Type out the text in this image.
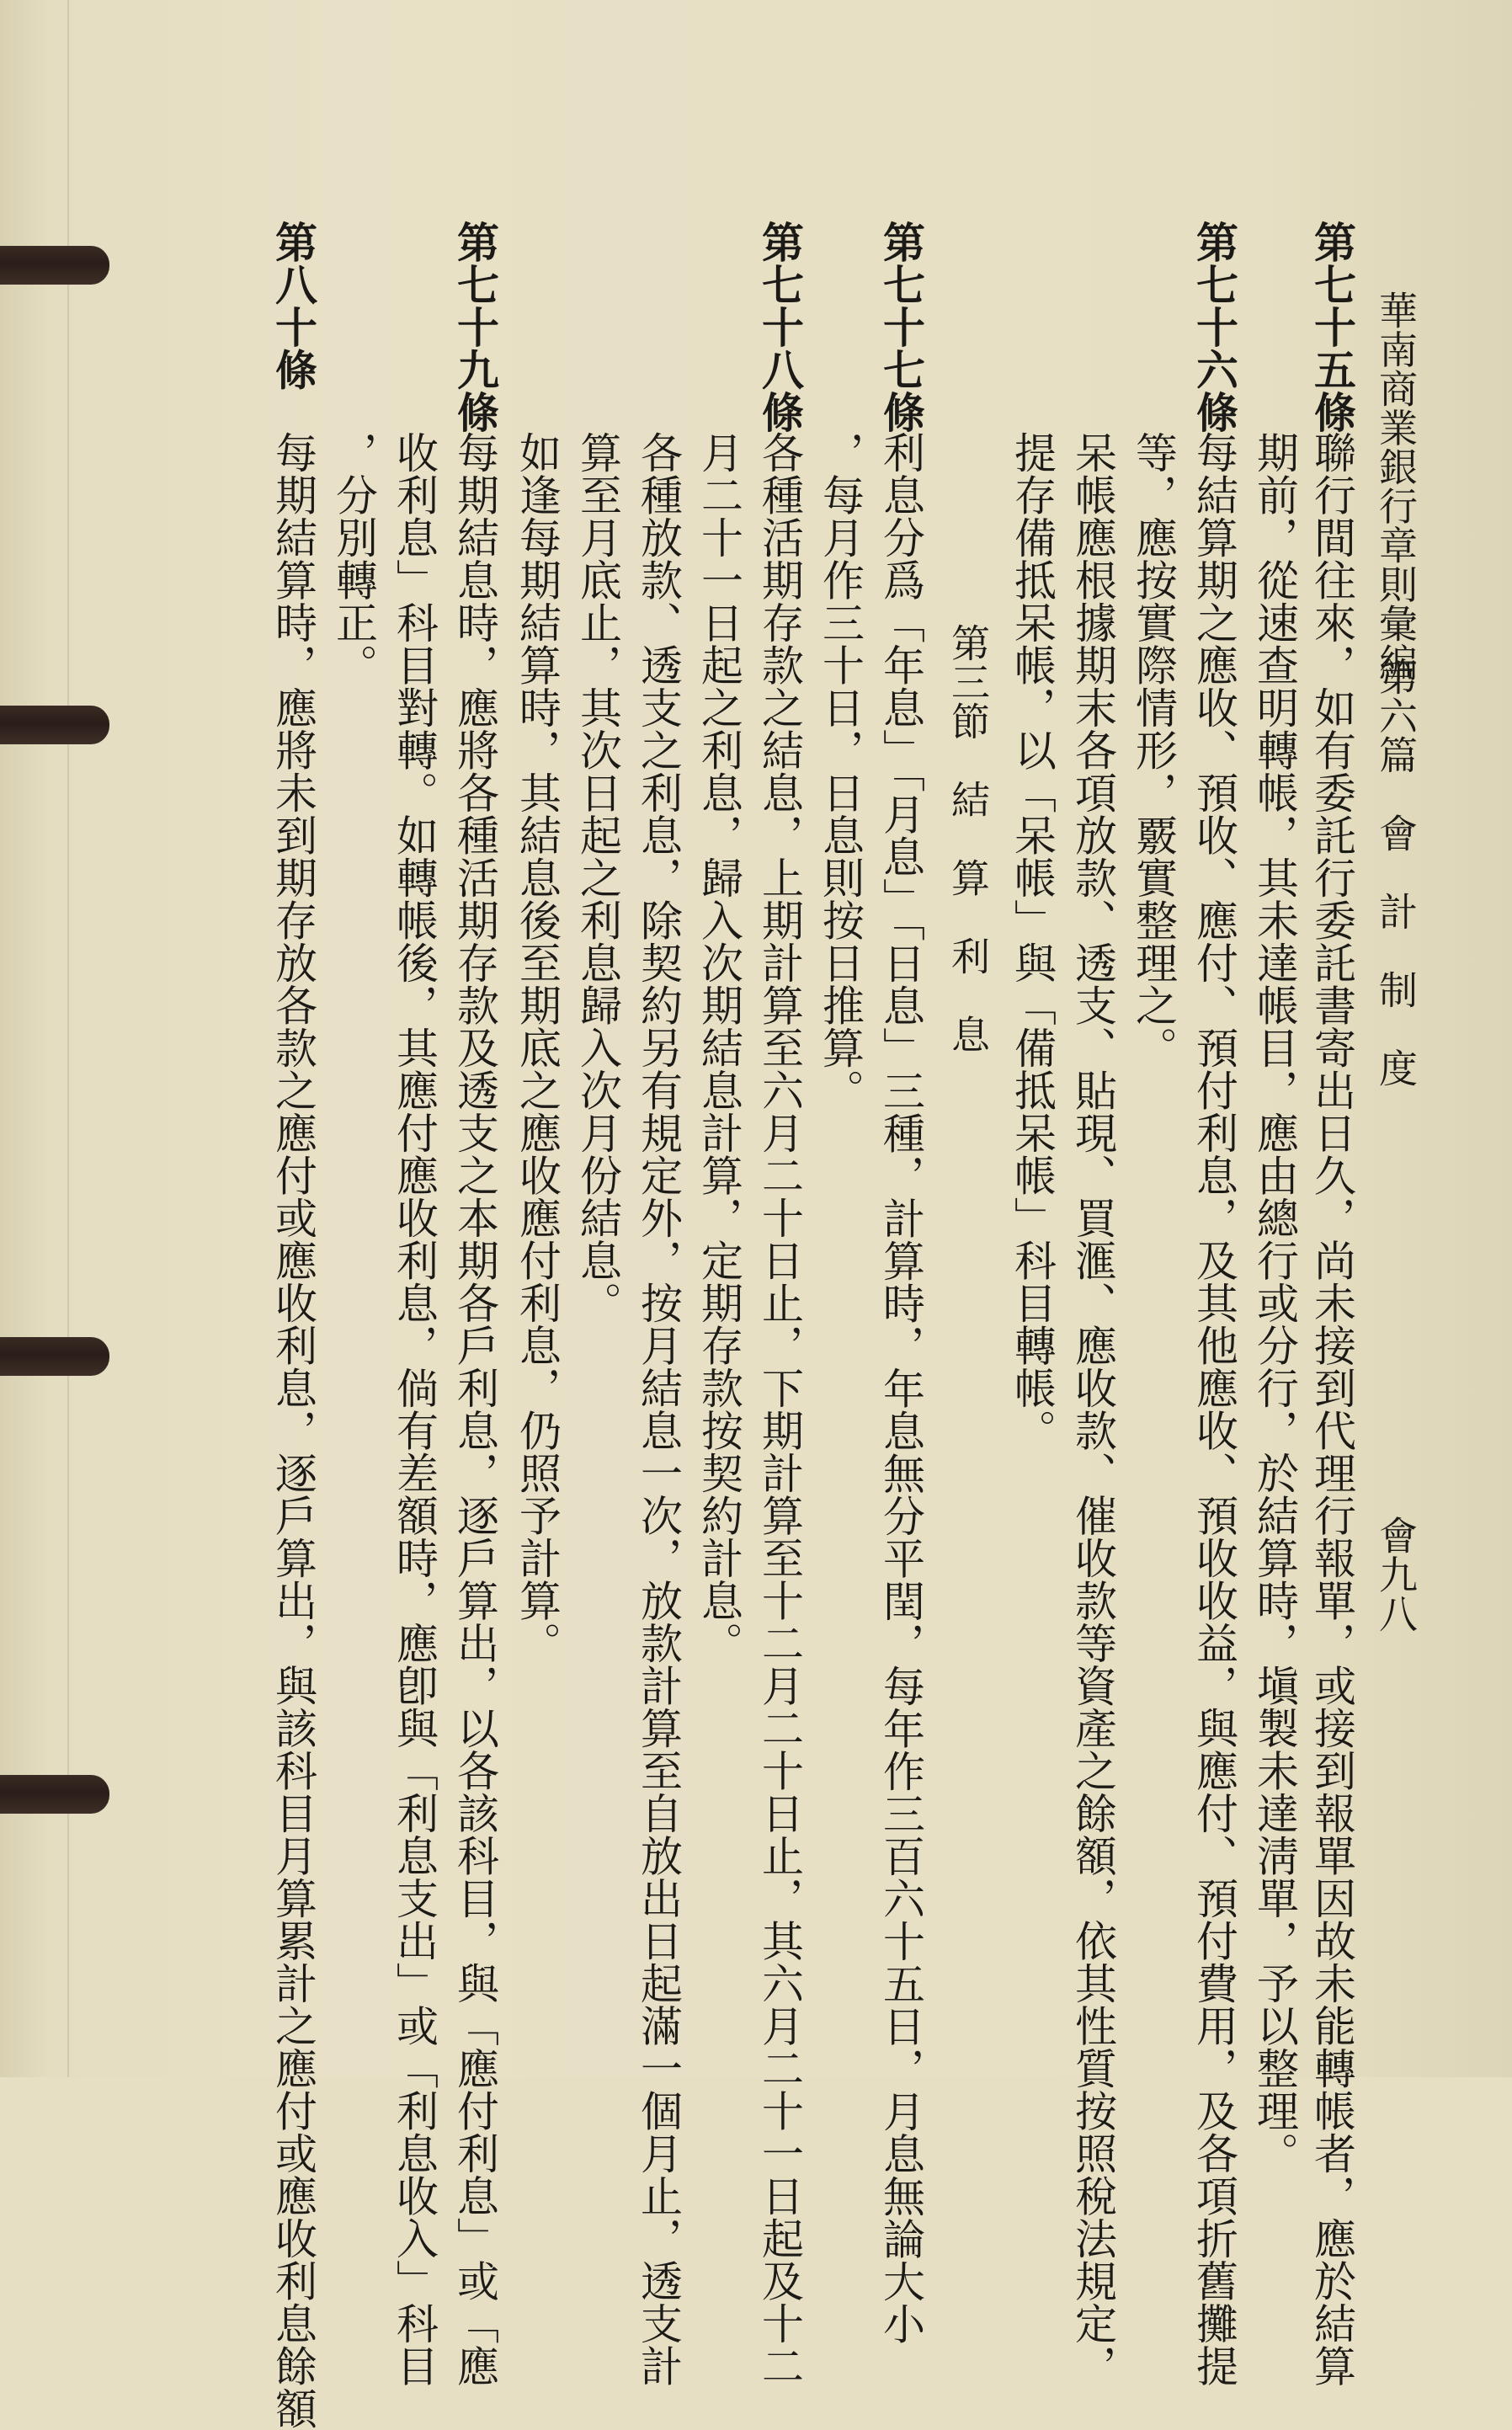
華南商業銀行章則彙編
第六篇　會　計　制　度
會九八
第七十五條
聯行間往來，如有委託行委託書寄出日久，尚未接到代理行報單，或接到報單因故未能轉帳者，應於結算
期前，從速查明轉帳，其未達帳目，應由總行或分行，於結算時，塡製未達淸單，予以整理。
第七十六條
每結算期之應收、預收、應付、預付利息，及其他應收、預收收益，與應付、預付費用，及各項折舊攤提
等，應按實際情形，覈實整理之。
呆帳應根據期末各項放款、透支、貼現、買滙、應收款、催收款等資產之餘額，依其性質按照稅法規定，
提存備抵呆帳，以「呆帳」與「備抵呆帳」科目轉帳。
第三節　結　算　利　息
第七十七條
利息分爲「年息」「月息」「日息」三種，計算時，年息無分平閏，每年作三百六十五日，月息無論大小
，每月作三十日，日息則按日推算。
第七十八條
各種活期存款之結息，上期計算至六月二十日止，下期計算至十二月二十日止，其六月二十一日起及十二
月二十一日起之利息，歸入次期結息計算，定期存款按契約計息。
各種放款、透支之利息，除契約另有規定外，按月結息一次，放款計算至自放出日起滿一個月止，透支計
算至月底止，其次日起之利息歸入次月份結息。
如逢每期結算時，其結息後至期底之應收應付利息，仍照予計算。
第七十九條
每期結息時，應將各種活期存款及透支之本期各戶利息，逐戶算出，以各該科目，與「應付利息」或「應
收利息」科目對轉。如轉帳後，其應付應收利息，倘有差額時，應卽與「利息支出」或「利息收入」科目
，分別轉正。
第八十條
每期結算時，應將未到期存放各款之應付或應收利息，逐戶算出，與該科目月算累計之應付或應收利息餘額
